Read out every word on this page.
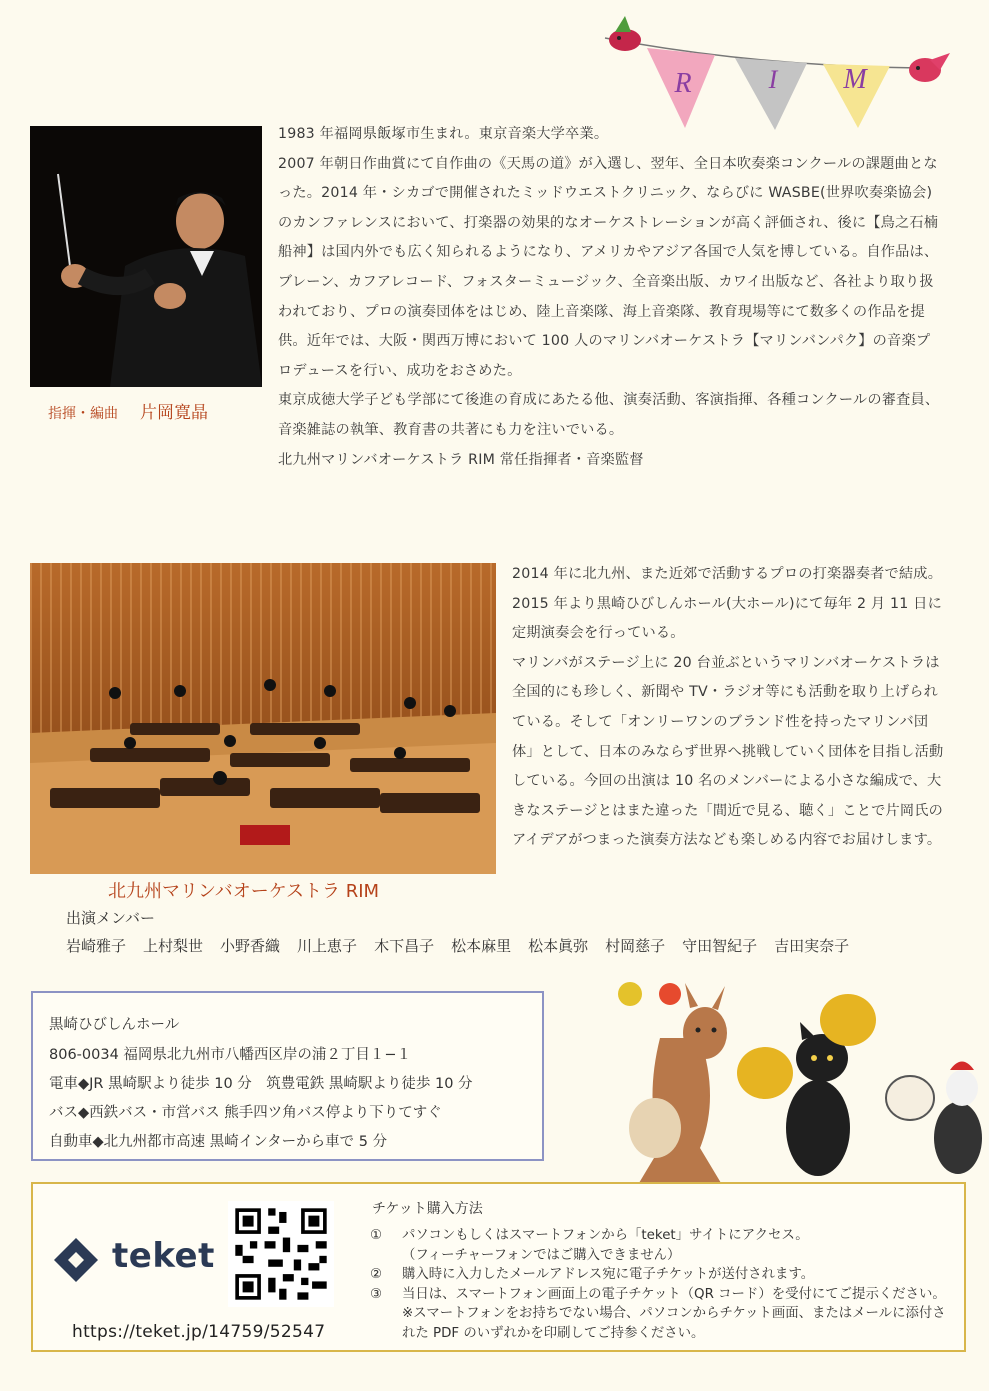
R	I M
指揮・編曲 片岡寛晶

1983 年福岡県飯塚市生まれ。東京音楽大学卒業。

2007 年朝日作曲賞にて自作曲の《天馬の道》が入選し、翌年、全日本吹奏楽コンクールの課題曲となった。2014 年・シカゴで開催されたミッドウエストクリニック、ならびに WASBE(世界吹奏楽協会)のカンファレンスにおいて、打楽器の効果的なオーケストレーションが高く評価され、後に【鳥之石楠船神】は国内外でも広く知られるようになり、アメリカやアジア各国で人気を博している。自作品は、ブレーン、カフアレコード、フォスターミュージック、全音楽出版、カワイ出版など、各社より取り扱われており、プロの演奏団体をはじめ、陸上音楽隊、海上音楽隊、教育現場等にて数多くの作品を提供。近年では、大阪・関西万博において 100 人のマリンバオーケストラ【マリンバンパク】の音楽プロデュースを行い、成功をおさめた。

東京成徳大学子ども学部にて後進の育成にあたる他、演奏活動、客演指揮、各種コンクールの審査員、音楽雑誌の執筆、教育書の共著にも力を注いでいる。

北九州マリンバオーケストラ RIM 常任指揮者・音楽監督

北九州マリンバオーケストラ RIM

2014 年に北九州、また近郊で活動するプロの打楽器奏者で結成。2015 年より黒崎ひびしんホール(大ホール)にて毎年 2 月 11 日に定期演奏会を行っている。

マリンバがステージ上に 20 台並ぶというマリンバオーケストラは全国的にも珍しく、新聞や TV・ラジオ等にも活動を取り上げられている。そして「オンリーワンのブランド性を持ったマリンバ団体」として、日本のみならず世界へ挑戦していく団体を目指し活動している。今回の出演は 10 名のメンバーによる小さな編成で、大きなステージとはまた違った「間近で見る、聴く」ことで片岡氏のアイデアがつまった演奏方法なども楽しめる内容でお届けします。

出演メンバー
岩崎雅子 上村梨世 小野香織 川上恵子 木下昌子 松本麻里 松本眞弥 村岡慈子 守田智紀子 吉田実奈子
黒崎ひびしんホール
806-0034 福岡県北九州市八幡西区岸の浦２丁目１−１
電車◆JR 黒崎駅より徒歩 10 分　筑豊電鉄 黒崎駅より徒歩 10 分
バス◆西鉄バス・市営バス 熊手四ツ角バス停より下りてすぐ
自動車◆北九州都市高速 黒崎インターから車で 5 分
teket
https://teket.jp/14759/52547
チケット購入方法
①	パソコンもしくはスマートフォンから「teket」サイトにアクセス。
（フィーチャーフォンではご購入できません）
②	購入時に入力したメールアドレス宛に電子チケットが送付されます。
③	当日は、スマートフォン画面上の電子チケット（QR コード）を受付にてご提示ください。※スマートフォンをお持ちでない場合、パソコンからチケット画面、またはメールに添付された PDF のいずれかを印刷してご持参ください。
